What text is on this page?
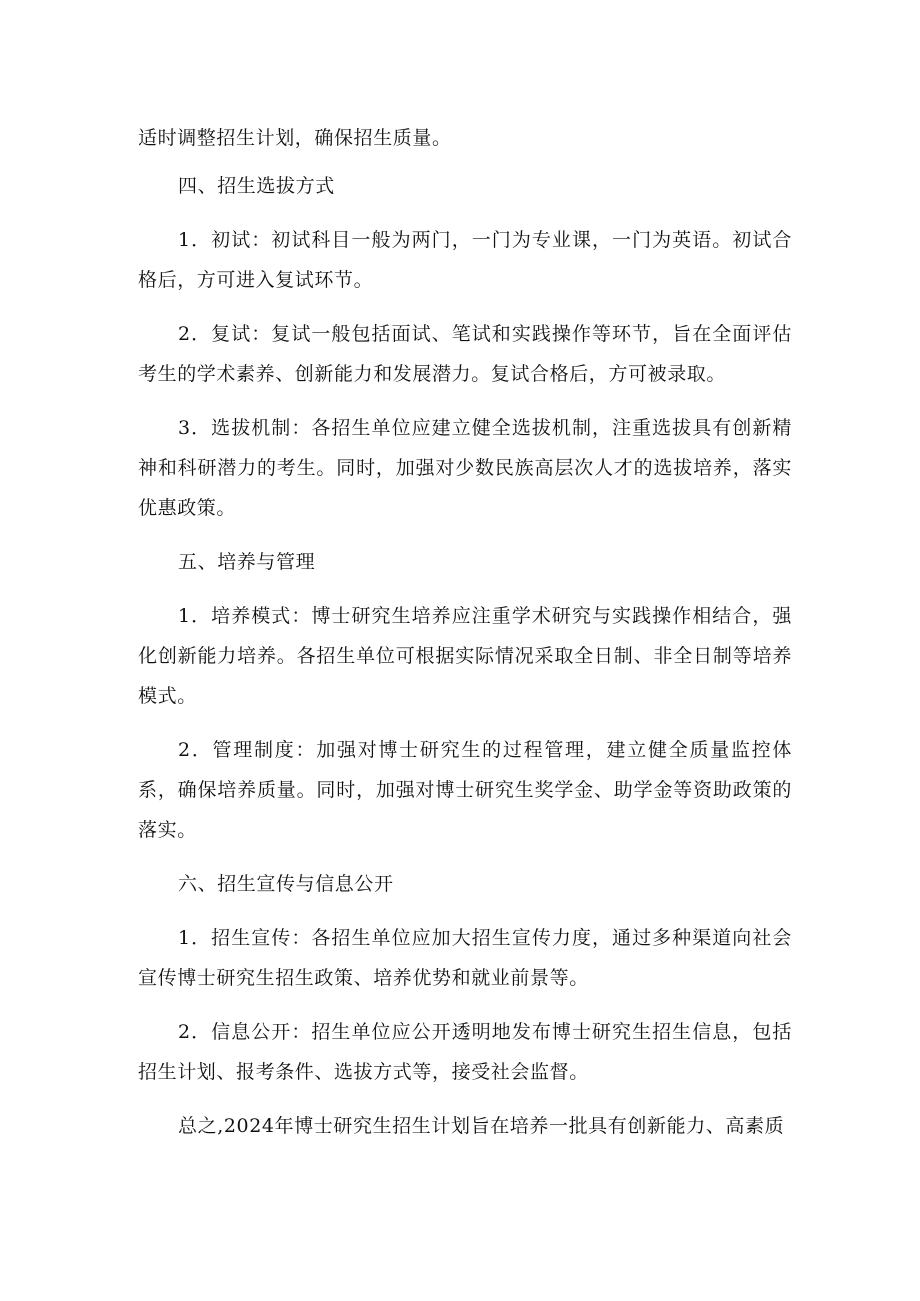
适时调整招生计划，确保招生质量。

四、招生选拔方式

1．初试：初试科目一般为两门，一门为专业课，一门为英语。初试合格后，方可进入复试环节。

2．复试：复试一般包括面试、笔试和实践操作等环节，旨在全面评估考生的学术素养、创新能力和发展潜力。复试合格后，方可被录取。

3．选拔机制：各招生单位应建立健全选拔机制，注重选拔具有创新精神和科研潜力的考生。同时，加强对少数民族高层次人才的选拔培养，落实优惠政策。

五、培养与管理

1．培养模式：博士研究生培养应注重学术研究与实践操作相结合，强化创新能力培养。各招生单位可根据实际情况采取全日制、非全日制等培养模式。

2．管理制度：加强对博士研究生的过程管理，建立健全质量监控体系，确保培养质量。同时，加强对博士研究生奖学金、助学金等资助政策的落实。

六、招生宣传与信息公开

1．招生宣传：各招生单位应加大招生宣传力度，通过多种渠道向社会宣传博士研究生招生政策、培养优势和就业前景等。

2．信息公开：招生单位应公开透明地发布博士研究生招生信息，包括招生计划、报考条件、选拔方式等，接受社会监督。

总之,2024年博士研究生招生计划旨在培养一批具有创新能力、高素质
